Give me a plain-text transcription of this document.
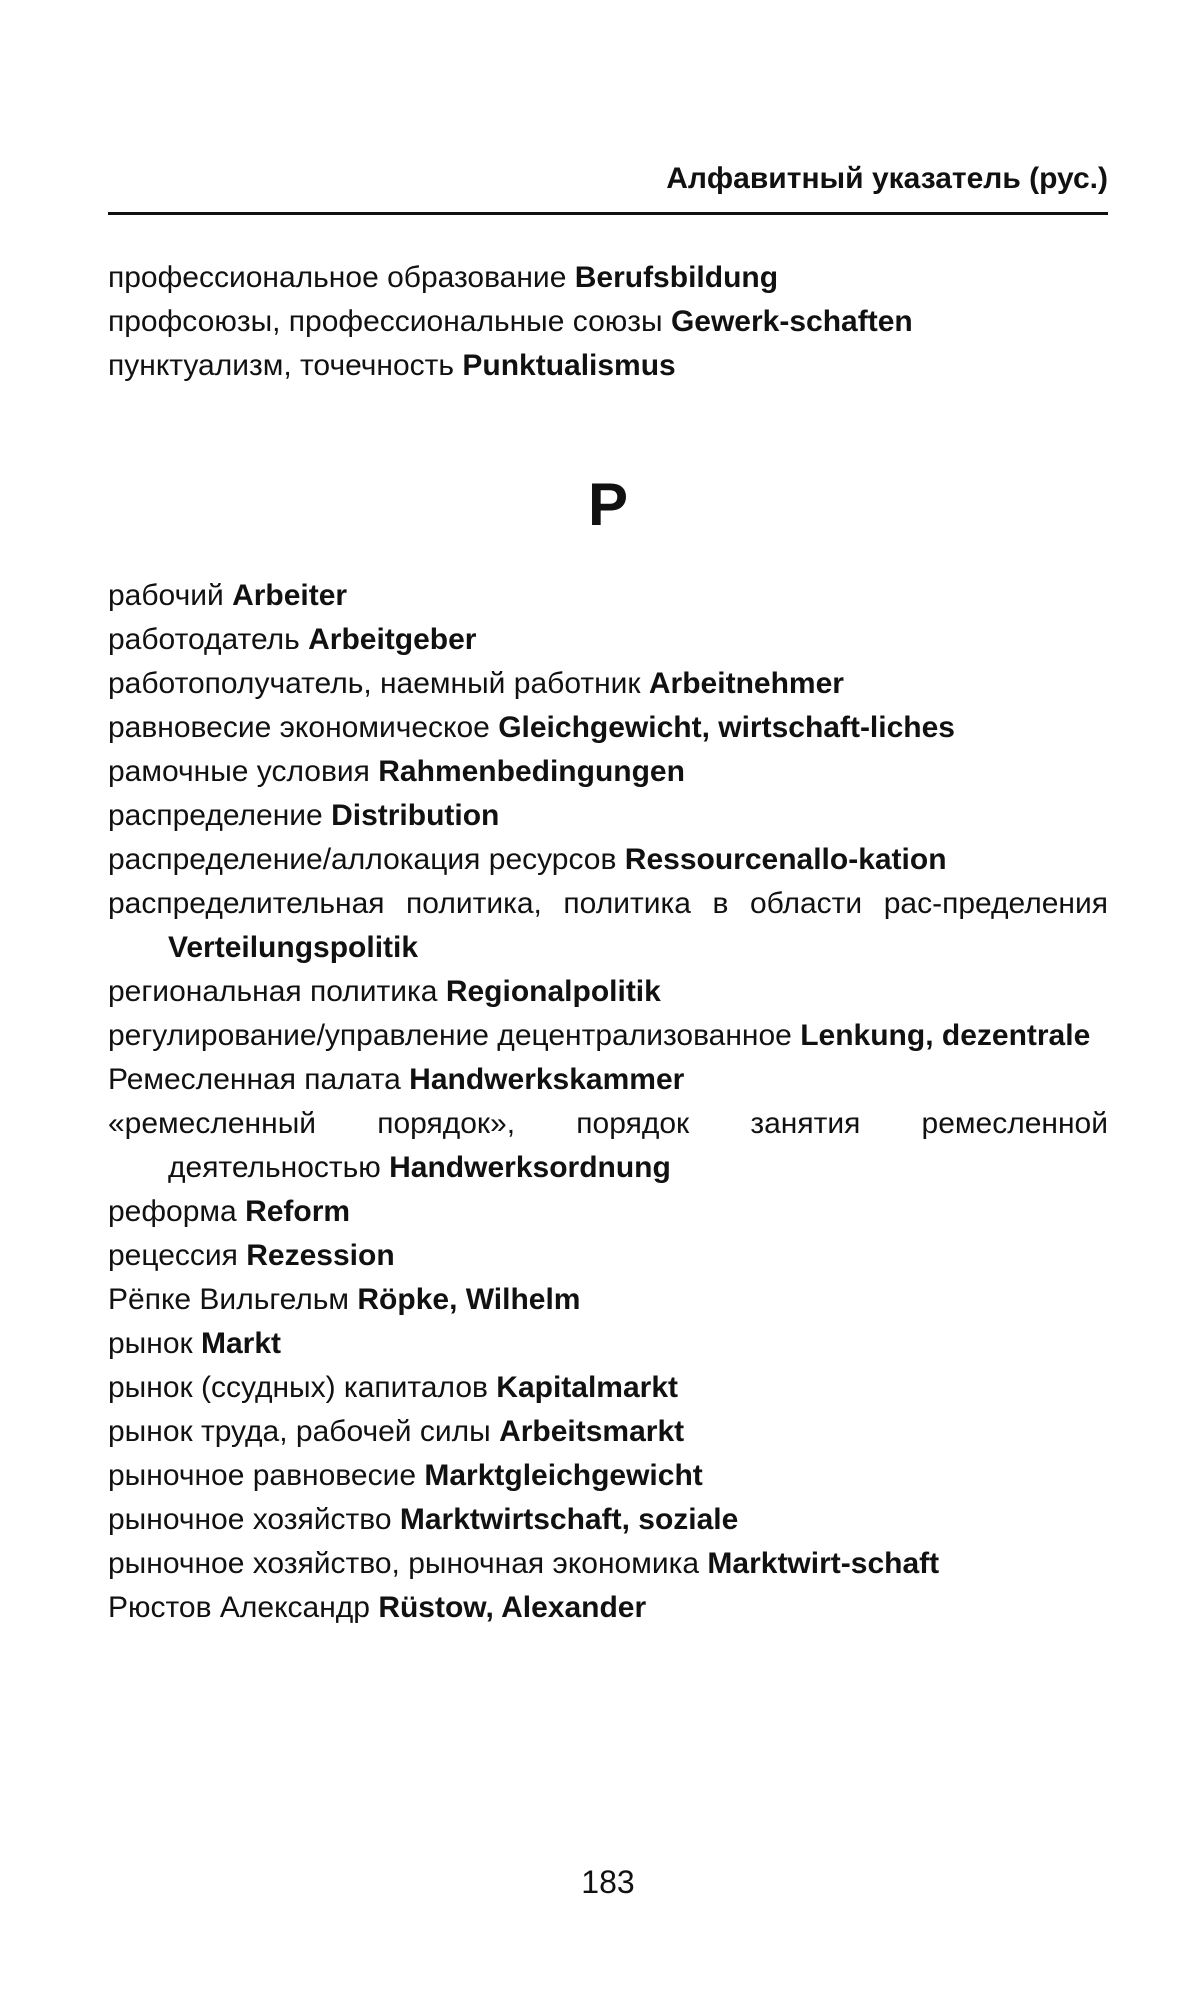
Алфавитный указатель (рус.)

профессиональное образование Berufsbildung

профсоюзы, профессиональные союзы Gewerk-schaften

пунктуализм, точечность Punktualismus

Р

рабочий Arbeiter

работодатель Arbeitgeber

работополучатель, наемный работник Arbeitnehmer

равновесие экономическое Gleichgewicht, wirtschaft-liches

рамочные условия Rahmenbedingungen

распределение Distribution

распределение/аллокация ресурсов Ressourcenallo-kation

распределительная политика, политика в области рас-пределения Verteilungspolitik

региональная политика Regionalpolitik

регулирование/управление децентрализованное Lenkung, dezentrale

Ремесленная палата Handwerkskammer

«ремесленный порядок», порядок занятия ремесленной деятельностью Handwerksordnung

реформа Reform

рецессия Rezession

Рёпке Вильгельм Röpke, Wilhelm

рынок Markt

рынок (ссудных) капиталов Kapitalmarkt

рынок труда, рабочей силы Arbeitsmarkt

рыночное равновесие Marktgleichgewicht

рыночное хозяйство Marktwirtschaft, soziale

рыночное хозяйство, рыночная экономика Marktwirt-schaft

Рюстов Александр Rüstow, Alexander

183
